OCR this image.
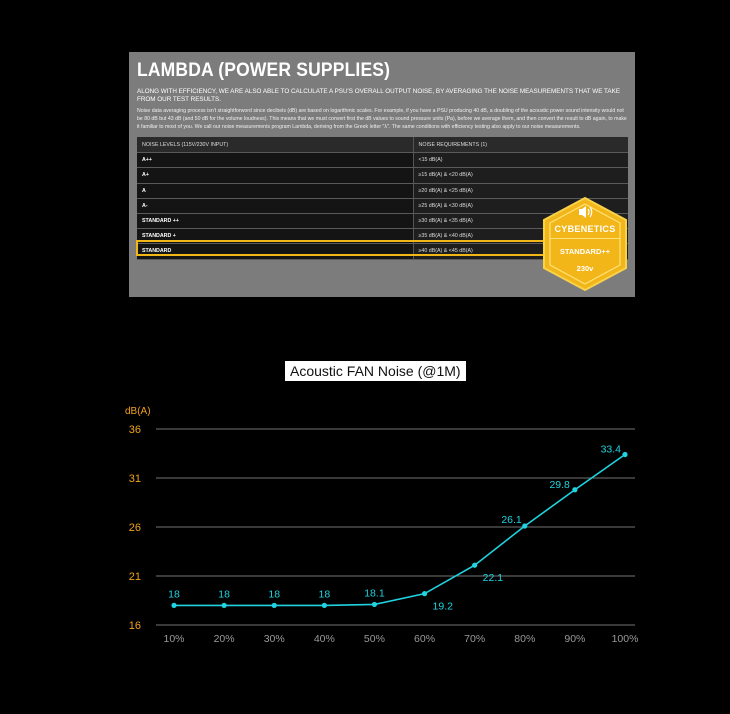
LAMBDA (POWER SUPPLIES)
ALONG WITH EFFICIENCY, WE ARE ALSO ABLE TO CALCULATE A PSU'S OVERALL OUTPUT NOISE, BY AVERAGING THE NOISE MEASUREMENTS THAT WE TAKE FROM OUR TEST RESULTS.
Noise data averaging process isn't straightforword since decibels (dB) are based on logarithmic scales. For example, if you have a PSU producing 40 dB, a doubling of the acoustic power sound intensity would not be 80 dB but 43 dB (and 50 dB for the volume loudness). This means that we must convert first the dB values to sound pressure units (Pa), before we average them, and then convert the result to dB again, to make it familiar to most of you. We call our noise measurements program Lambda, deriving from the Greek letter "λ". The same conditions with efficiency testing also apply to our noise measurements.
NOISE LEVELS (115V/230V INPUT)	NOISE REQUIREMENTS (1)
A++	<15 dB(A)
A+	≥15 dB(A) & <20 dB(A)
A	≥20 dB(A) & <25 dB(A)
A-	≥25 dB(A) & <30 dB(A)
STANDARD ++	≥30 dB(A) & <35 dB(A)
STANDARD +	≥35 dB(A) & <40 dB(A)
STANDARD	≥40 dB(A) & <45 dB(A)
CYBENETICS
STANDARD++
230v
Acoustic FAN Noise (@1M)
dB(A)
16
21
26
31
36
10%	20%	30%	40%	50%	60%	70%	80%	90% 100%
18	18	18	18	18.1
19.2
22.1
26.1
29.8
33.4
